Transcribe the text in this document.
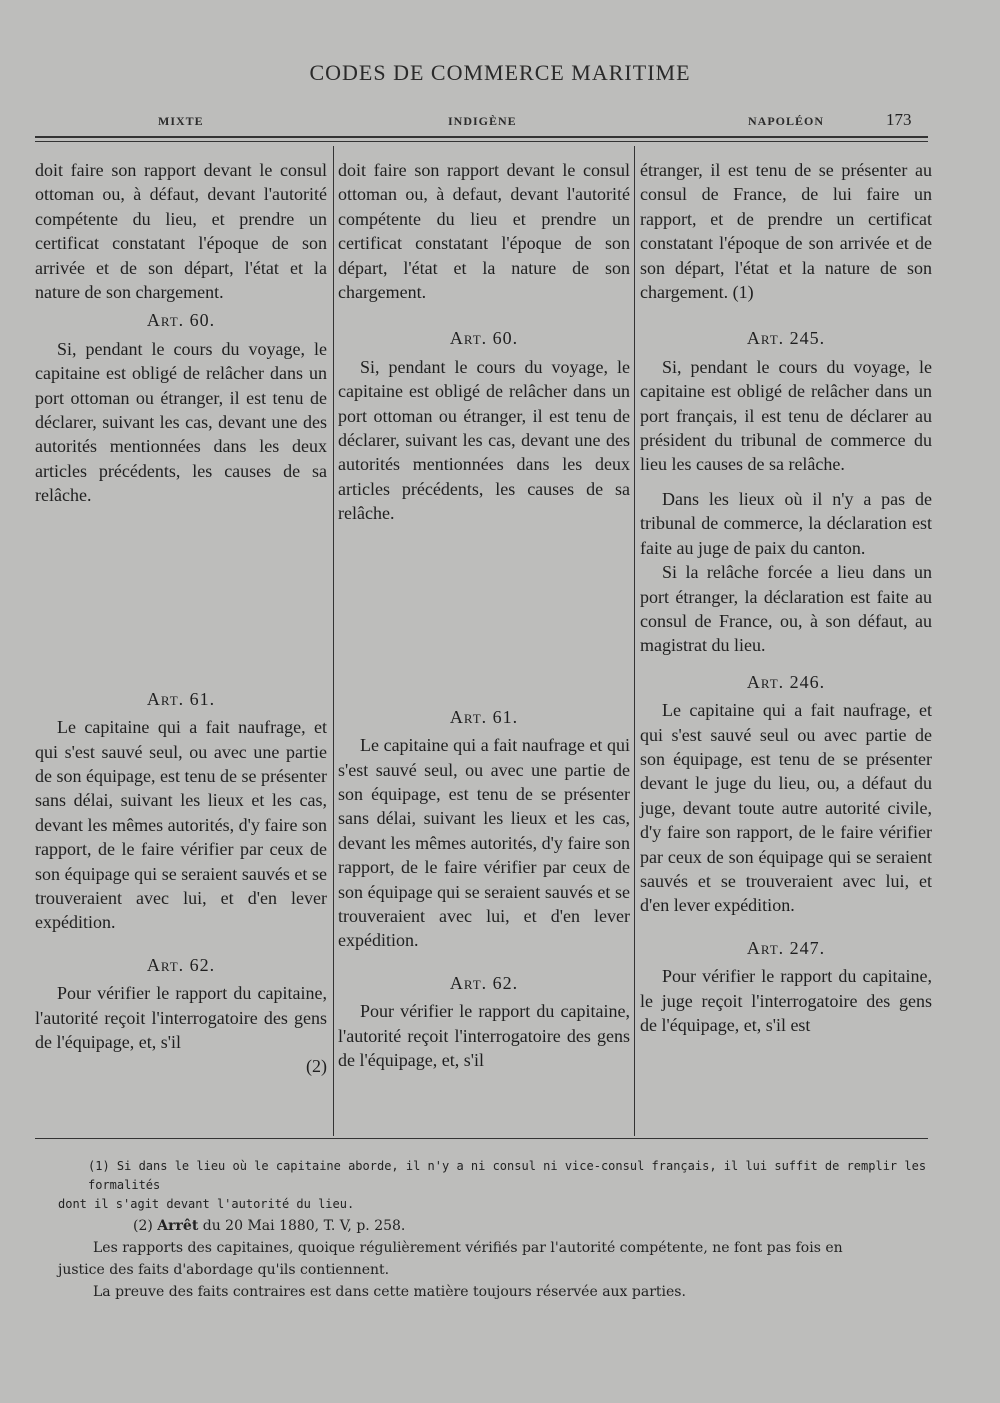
CODES DE COMMERCE MARITIME
MIXTE	INDIGÈNE	NAPOLÉON	173

doit faire son rapport devant le consul ottoman ou, à défaut, devant l'autorité compétente du lieu, et prendre un certificat constatant l'époque de son arrivée et de son départ, l'état et la nature de son chargement.

Art. 60.

Si, pendant le cours du voyage, le capitaine est obligé de relâcher dans un port ottoman ou étranger, il est tenu de déclarer, suivant les cas, devant une des autorités mentionnées dans les deux articles précédents, les causes de sa relâche.

Art. 61.

Le capitaine qui a fait naufrage, et qui s'est sauvé seul, ou avec une partie de son équipage, est tenu de se présenter sans délai, suivant les lieux et les cas, devant les mêmes autorités, d'y faire son rapport, de le faire vérifier par ceux de son équipage qui se seraient sauvés et se trouveraient avec lui, et d'en lever expédition.

Art. 62.

Pour vérifier le rapport du capitaine, l'autorité reçoit l'interrogatoire des gens de l'équipage, et, s'il

(2)

doit faire son rapport devant le consul ottoman ou, à defaut, devant l'autorité compétente du lieu et prendre un certificat constatant l'époque de son départ, l'état et la nature de son chargement.

Art. 60.

Si, pendant le cours du voyage, le capitaine est obligé de relâcher dans un port ottoman ou étranger, il est tenu de déclarer, suivant les cas, devant une des autorités mentionnées dans les deux articles précédents, les causes de sa relâche.

Art. 61.

Le capitaine qui a fait naufrage et qui s'est sauvé seul, ou avec une partie de son équipage, est tenu de se présenter sans délai, suivant les lieux et les cas, devant les mêmes autorités, d'y faire son rapport, de le faire vérifier par ceux de son équipage qui se seraient sauvés et se trouveraient avec lui, et d'en lever expédition.

Art. 62.

Pour vérifier le rapport du capitaine, l'autorité reçoit l'interrogatoire des gens de l'équipage, et, s'il

étranger, il est tenu de se présenter au consul de France, de lui faire un rapport, et de prendre un certificat constatant l'époque de son arrivée et de son départ, l'état et la nature de son chargement. (1)

Art. 245.

Si, pendant le cours du voyage, le capitaine est obligé de relâcher dans un port français, il est tenu de déclarer au président du tribunal de commerce du lieu les causes de sa relâche.

Dans les lieux où il n'y a pas de tribunal de commerce, la déclaration est faite au juge de paix du canton.

Si la relâche forcée a lieu dans un port étranger, la déclaration est faite au consul de France, ou, à son défaut, au magistrat du lieu.

Art. 246.

Le capitaine qui a fait naufrage, et qui s'est sauvé seul ou avec partie de son équipage, est tenu de se présenter devant le juge du lieu, ou, a défaut du juge, devant toute autre autorité civile, d'y faire son rapport, de le faire vérifier par ceux de son équipage qui se seraient sauvés et se trouveraient avec lui, et d'en lever expédition.

Art. 247.

Pour vérifier le rapport du capitaine, le juge reçoit l'interrogatoire des gens de l'équipage, et, s'il est

(1) Si dans le lieu où le capitaine aborde, il n'y a ni consul ni vice-consul français, il lui suffit de remplir les formalités
dont il s'agit devant l'autorité du lieu.
(2) Arrêt du 20 Mai 1880, T. V, p. 258.
Les rapports des capitaines, quoique régulièrement vérifiés par l'autorité compétente, ne font pas fois en
justice des faits d'abordage qu'ils contiennent.
La preuve des faits contraires est dans cette matière toujours réservée aux parties.
